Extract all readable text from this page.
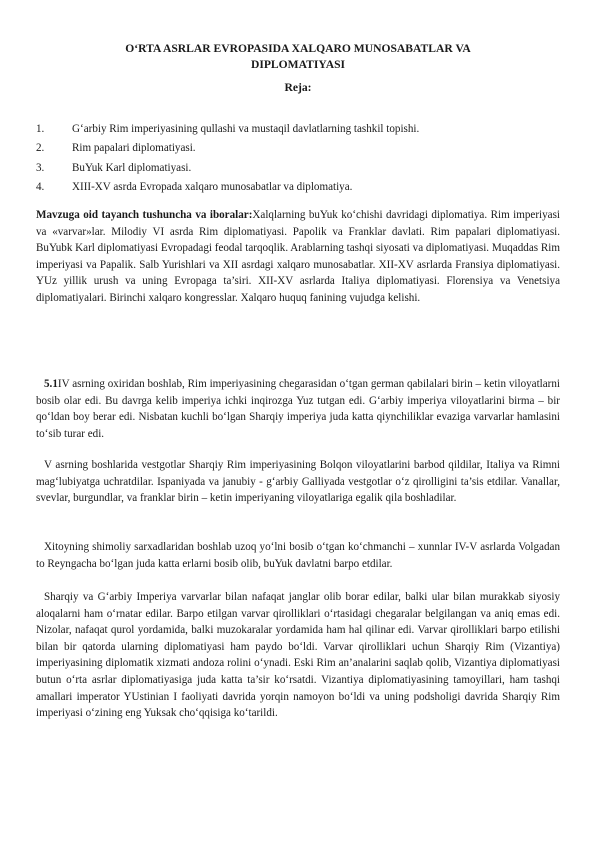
O‘RTA ASRLAR EVROPASIDA XALQARO MUNOSABATLAR VA
DIPLOMATIYASI
Reja:
1.	G‘arbiy Rim imperiyasining qullashi va mustaqil davlatlarning tashkil topishi.
2.	Rim papalari diplomatiyasi.
3.	BuYuk Karl diplomatiyasi.
4.	XIII-XV asrda Evropada xalqaro munosabatlar va diplomatiya.
Mavzuga oid tayanch tushuncha va iboralar:Xalqlarning buYuk ko‘chishi davridagi diplomatiya. Rim imperiyasi va «varvar»lar. Milodiy VI asrda Rim diplomatiyasi. Papolik va Franklar davlati. Rim papalari diplomatiyasi. BuYubk Karl diplomatiyasi Evropadagi feodal tarqoqlik. Arablarning tashqi siyosati va diplomatiyasi. Muqaddas Rim imperiyasi va Papalik. Salb Yurishlari va XII asrdagi xalqaro munosabatlar. XII-XV asrlarda Fransiya diplomatiyasi. YUz yillik urush va uning Evropaga ta’siri. XII-XV asrlarda Italiya diplomatiyasi. Florensiya va Venetsiya diplomatiyalari. Birinchi xalqaro kongresslar. Xalqaro huquq fanining vujudga kelishi.
5.1IV asrning oxiridan boshlab, Rim imperiyasining chegarasidan o‘tgan german qabilalari birin – ketin viloyatlarni bosib olar edi. Bu davrga kelib imperiya ichki inqirozga Yuz tutgan edi. G‘arbiy imperiya viloyatlarini birma – bir qo‘ldan boy berar edi. Nisbatan kuchli bo‘lgan Sharqiy imperiya juda katta qiynchiliklar evaziga varvarlar hamlasini to‘sib turar edi.
V asrning boshlarida vestgotlar Sharqiy Rim imperiyasining Bolqon viloyatlarini barbod qildilar, Italiya va Rimni mag‘lubiyatga uchratdilar. Ispaniyada va janubiy - g‘arbiy Galliyada vestgotlar o‘z qirolligini ta’sis etdilar. Vanallar, svevlar, burgundlar, va franklar birin – ketin imperiyaning viloyatlariga egalik qila boshladilar.
Xitoyning shimoliy sarxadlaridan boshlab uzoq yo‘lni bosib o‘tgan ko‘chmanchi – xunnlar IV-V asrlarda Volgadan to Reyngacha bo‘lgan juda katta erlarni bosib olib, buYuk davlatni barpo etdilar.
Sharqiy va G‘arbiy Imperiya varvarlar bilan nafaqat janglar olib borar edilar, balki ular bilan murakkab siyosiy aloqalarni ham o‘rnatar edilar. Barpo etilgan varvar qirolliklari o‘rtasidagi chegaralar belgilangan va aniq emas edi. Nizolar, nafaqat qurol yordamida, balki muzokaralar yordamida ham hal qilinar edi. Varvar qirolliklari barpo etilishi bilan bir qatorda ularning diplomatiyasi ham paydo bo‘ldi. Varvar qirolliklari uchun Sharqiy Rim (Vizantiya) imperiyasining diplomatik xizmati andoza rolini o‘ynadi. Eski Rim an’analarini saqlab qolib, Vizantiya diplomatiyasi butun o‘rta asrlar diplomatiyasiga juda katta ta’sir ko‘rsatdi. Vizantiya diplomatiyasining tamoyillari, ham tashqi amallari imperator YUstinian I faoliyati davrida yorqin namoyon bo‘ldi va uning podsholigi davrida Sharqiy Rim imperiyasi o‘zining eng Yuksak cho‘qqisiga ko‘tarildi.
